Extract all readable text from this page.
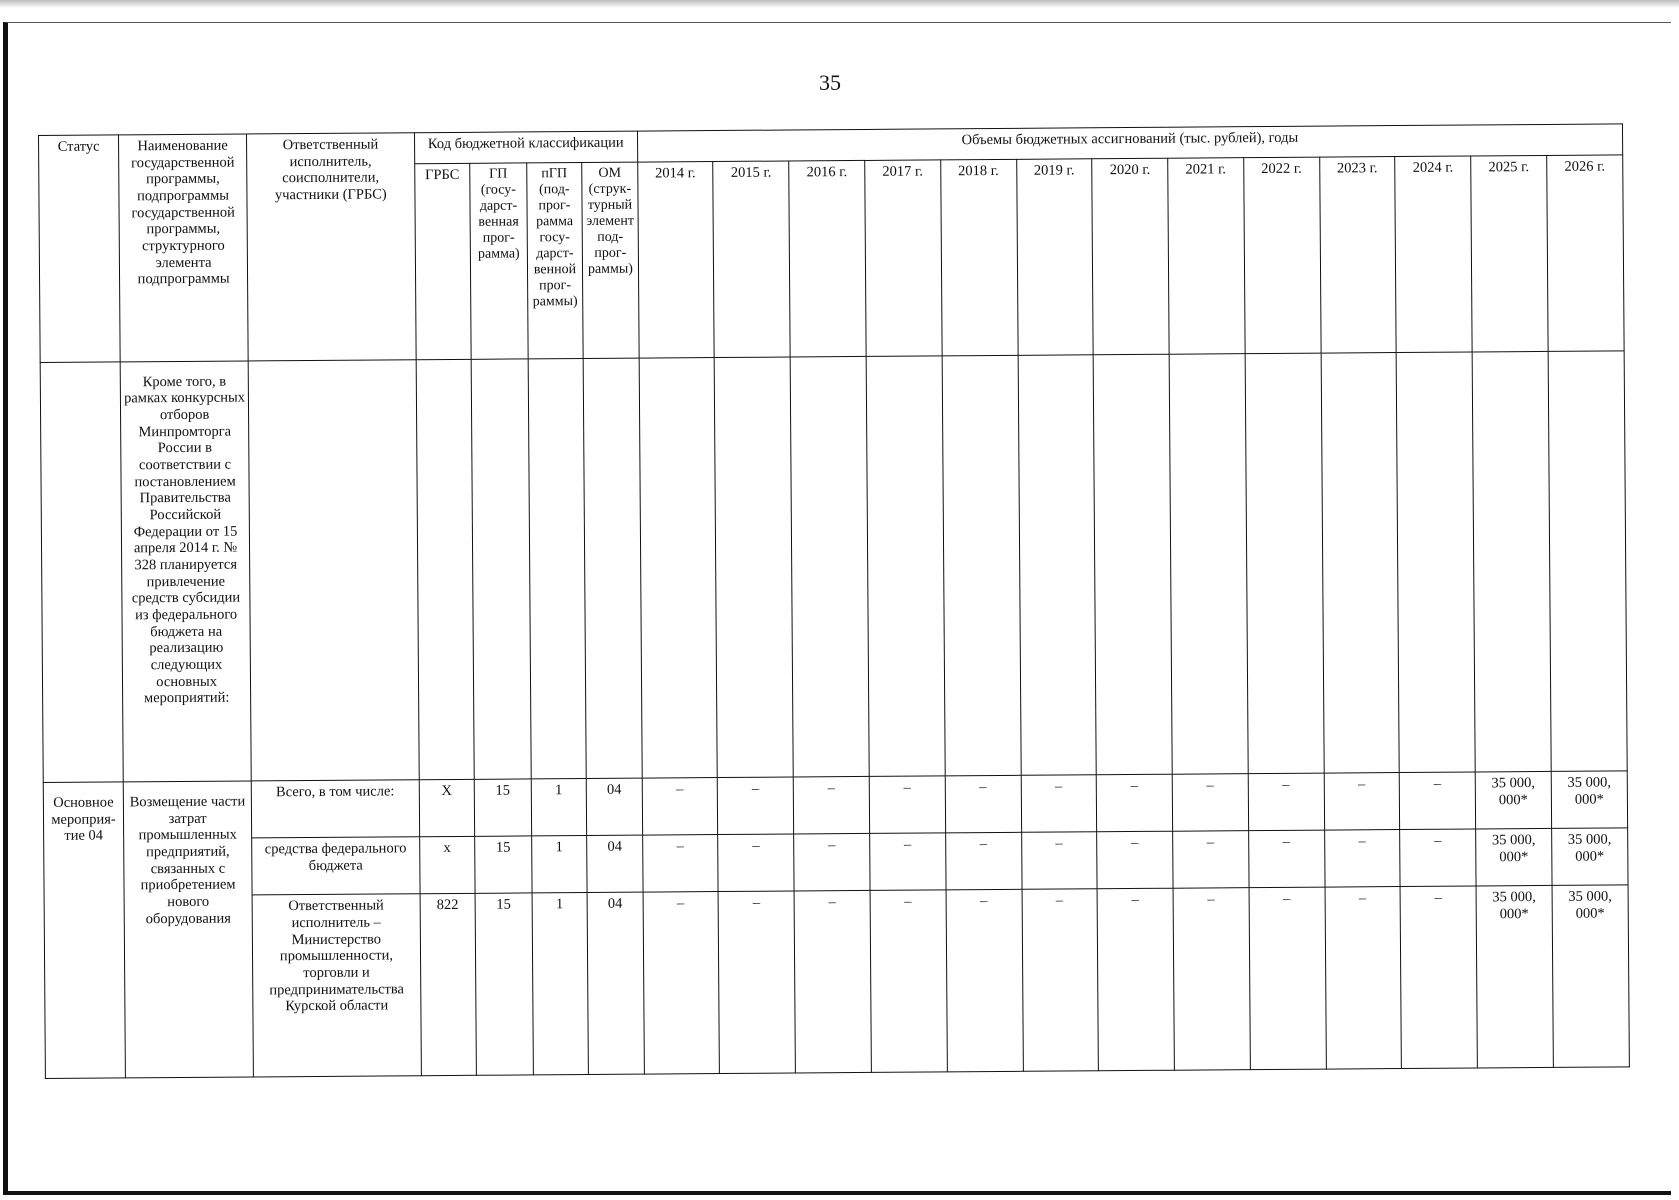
35
Статус	Наименование государственной программы, подпрограммы государственной программы, структурного элемента подпрограммы	Ответственный исполнитель, соисполнители, участники (ГРБС)	Код бюджетной классификации				Объемы бюджетных ассигнований (тыс. рублей), годы												
			ГРБС	ГП (госу-дарст-венная прог-рамма)	пГП (под-прог-рамма госу-дарст-венной прог-раммы)	ОМ (струк-турный элемент под-прог-раммы)	2014 г.	2015 г.	2016 г.	2017 г.	2018 г.	2019 г.	2020 г.	2021 г.	2022 г.	2023 г.	2024 г.	2025 г.	2026 г.
	Кроме того, в рамках конкурсных отборов Минпромторга России в соответствии с постановлением Правительства Российской Федерации от 15 апреля 2014 г. № 328 планируется привлечение средств субсидии из федерального бюджета на реализацию следующих основных мероприятий:																		
Основное мероприя-тие 04	Возмещение части затрат промышленных предприятий, связанных с приобретением нового оборудования	Всего, в том числе:	Х	15	1	04	–	–	–	–	–	–	–	–	–	–	–	35 000, 000*	35 000, 000*
		средства федерального бюджета	х	15	1	04	–	–	–	–	–	–	–	–	–	–	–	35 000, 000*	35 000, 000*
		Ответственный исполнитель – Министерство промышленности, торговли и предпринимательства Курской области	822	15	1	04	–	–	–	–	–	–	–	–	–	–	–	35 000, 000*	35 000, 000*
